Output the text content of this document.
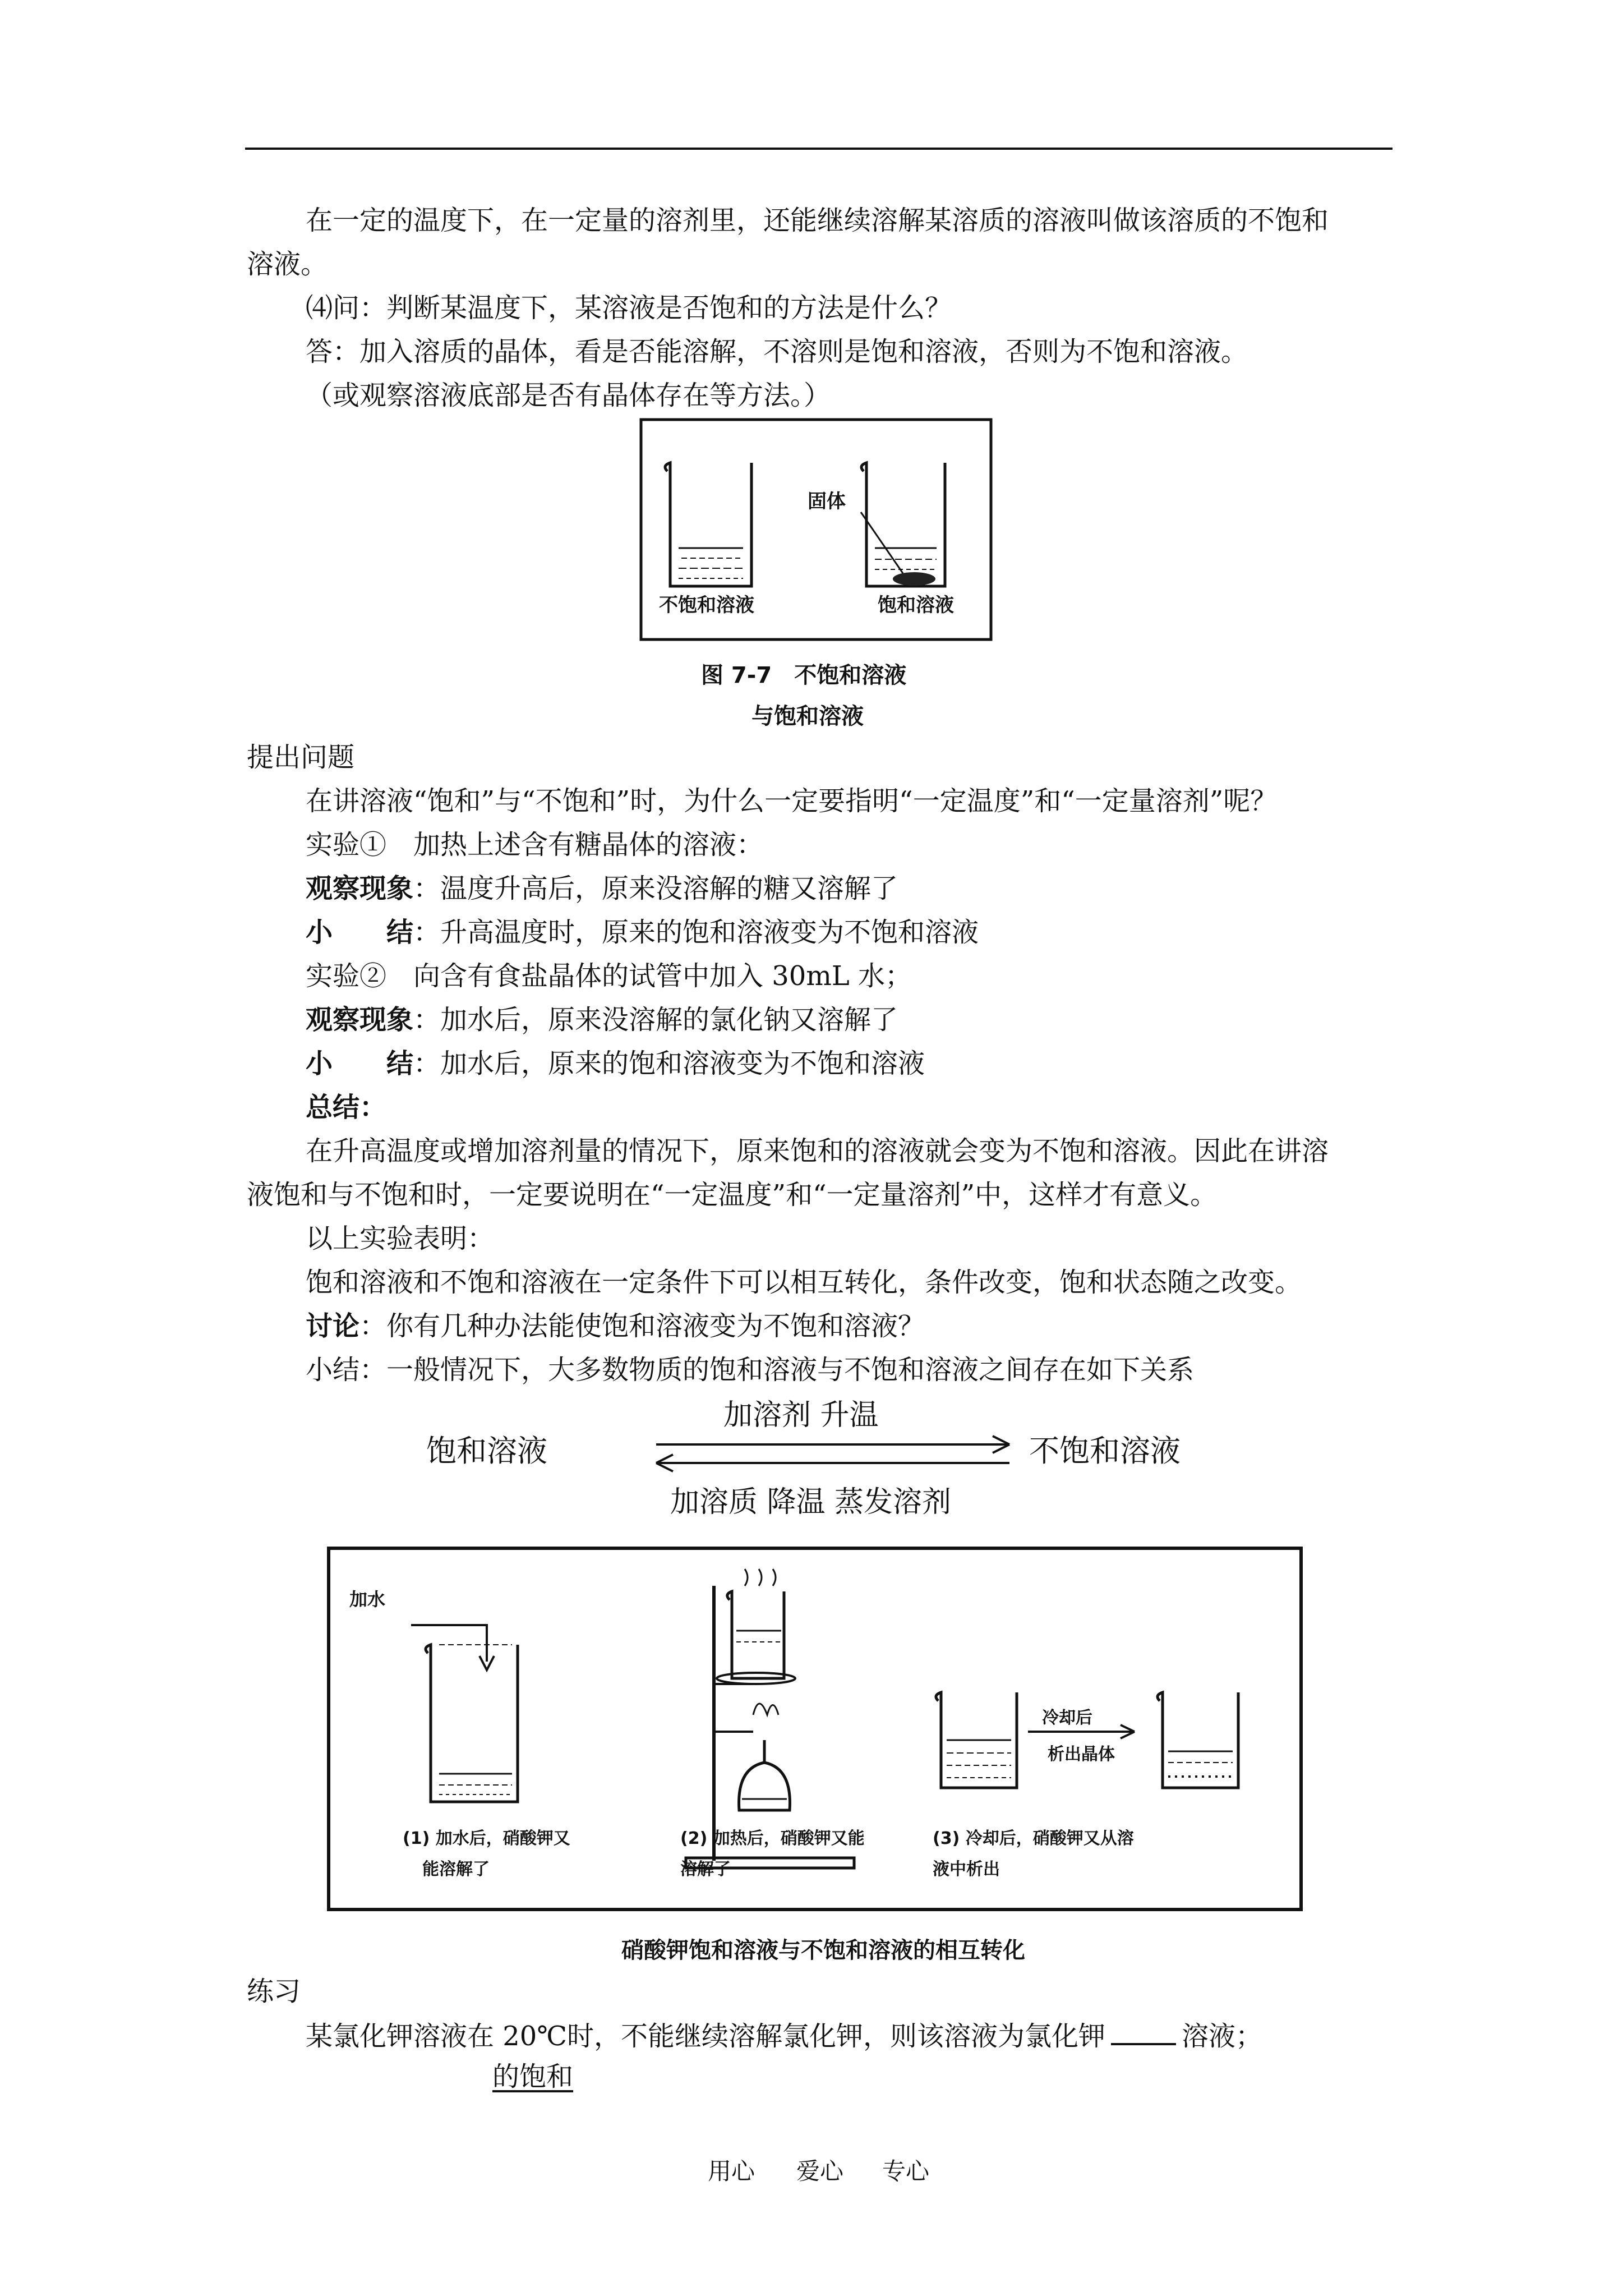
在一定的温度下，在一定量的溶剂里，还能继续溶解某溶质的溶液叫做该溶质的不饱和
溶液。
⑷问：判断某温度下，某溶液是否饱和的方法是什么？
答：加入溶质的晶体，看是否能溶解，不溶则是饱和溶液，否则为不饱和溶液。
（或观察溶液底部是否有晶体存在等方法。）
固体
不饱和溶液	饱和溶液
图 7-7　不饱和溶液
与饱和溶液
提出问题
在讲溶液“饱和”与“不饱和”时，为什么一定要指明“一定温度”和“一定量溶剂”呢？
实验①　加热上述含有糖晶体的溶液：
观察现象：温度升高后，原来没溶解的糖又溶解了
小　　结：升高温度时，原来的饱和溶液变为不饱和溶液
实验②　向含有食盐晶体的试管中加入 30mL 水；
观察现象：加水后，原来没溶解的氯化钠又溶解了
小　　结：加水后，原来的饱和溶液变为不饱和溶液
总结：
在升高温度或增加溶剂量的情况下，原来饱和的溶液就会变为不饱和溶液。因此在讲溶
液饱和与不饱和时，一定要说明在“一定温度”和“一定量溶剂”中，这样才有意义。
以上实验表明：
饱和溶液和不饱和溶液在一定条件下可以相互转化，条件改变，饱和状态随之改变。
讨论：你有几种办法能使饱和溶液变为不饱和溶液？
小结：一般情况下，大多数物质的饱和溶液与不饱和溶液之间存在如下关系
饱和溶液	不饱和溶液
加溶剂 升温
加溶质 降温 蒸发溶剂
加水
冷却后
析出晶体
(1) 加水后，硝酸钾又
能溶解了
(2) 加热后，硝酸钾又能
溶解了
(3) 冷却后，硝酸钾又从溶
液中析出
硝酸钾饱和溶液与不饱和溶液的相互转化
练习
某氯化钾溶液在 20℃时，不能继续溶解氯化钾，则该溶液为氯化钾	溶液；
的饱和
用心 爱心 专心
